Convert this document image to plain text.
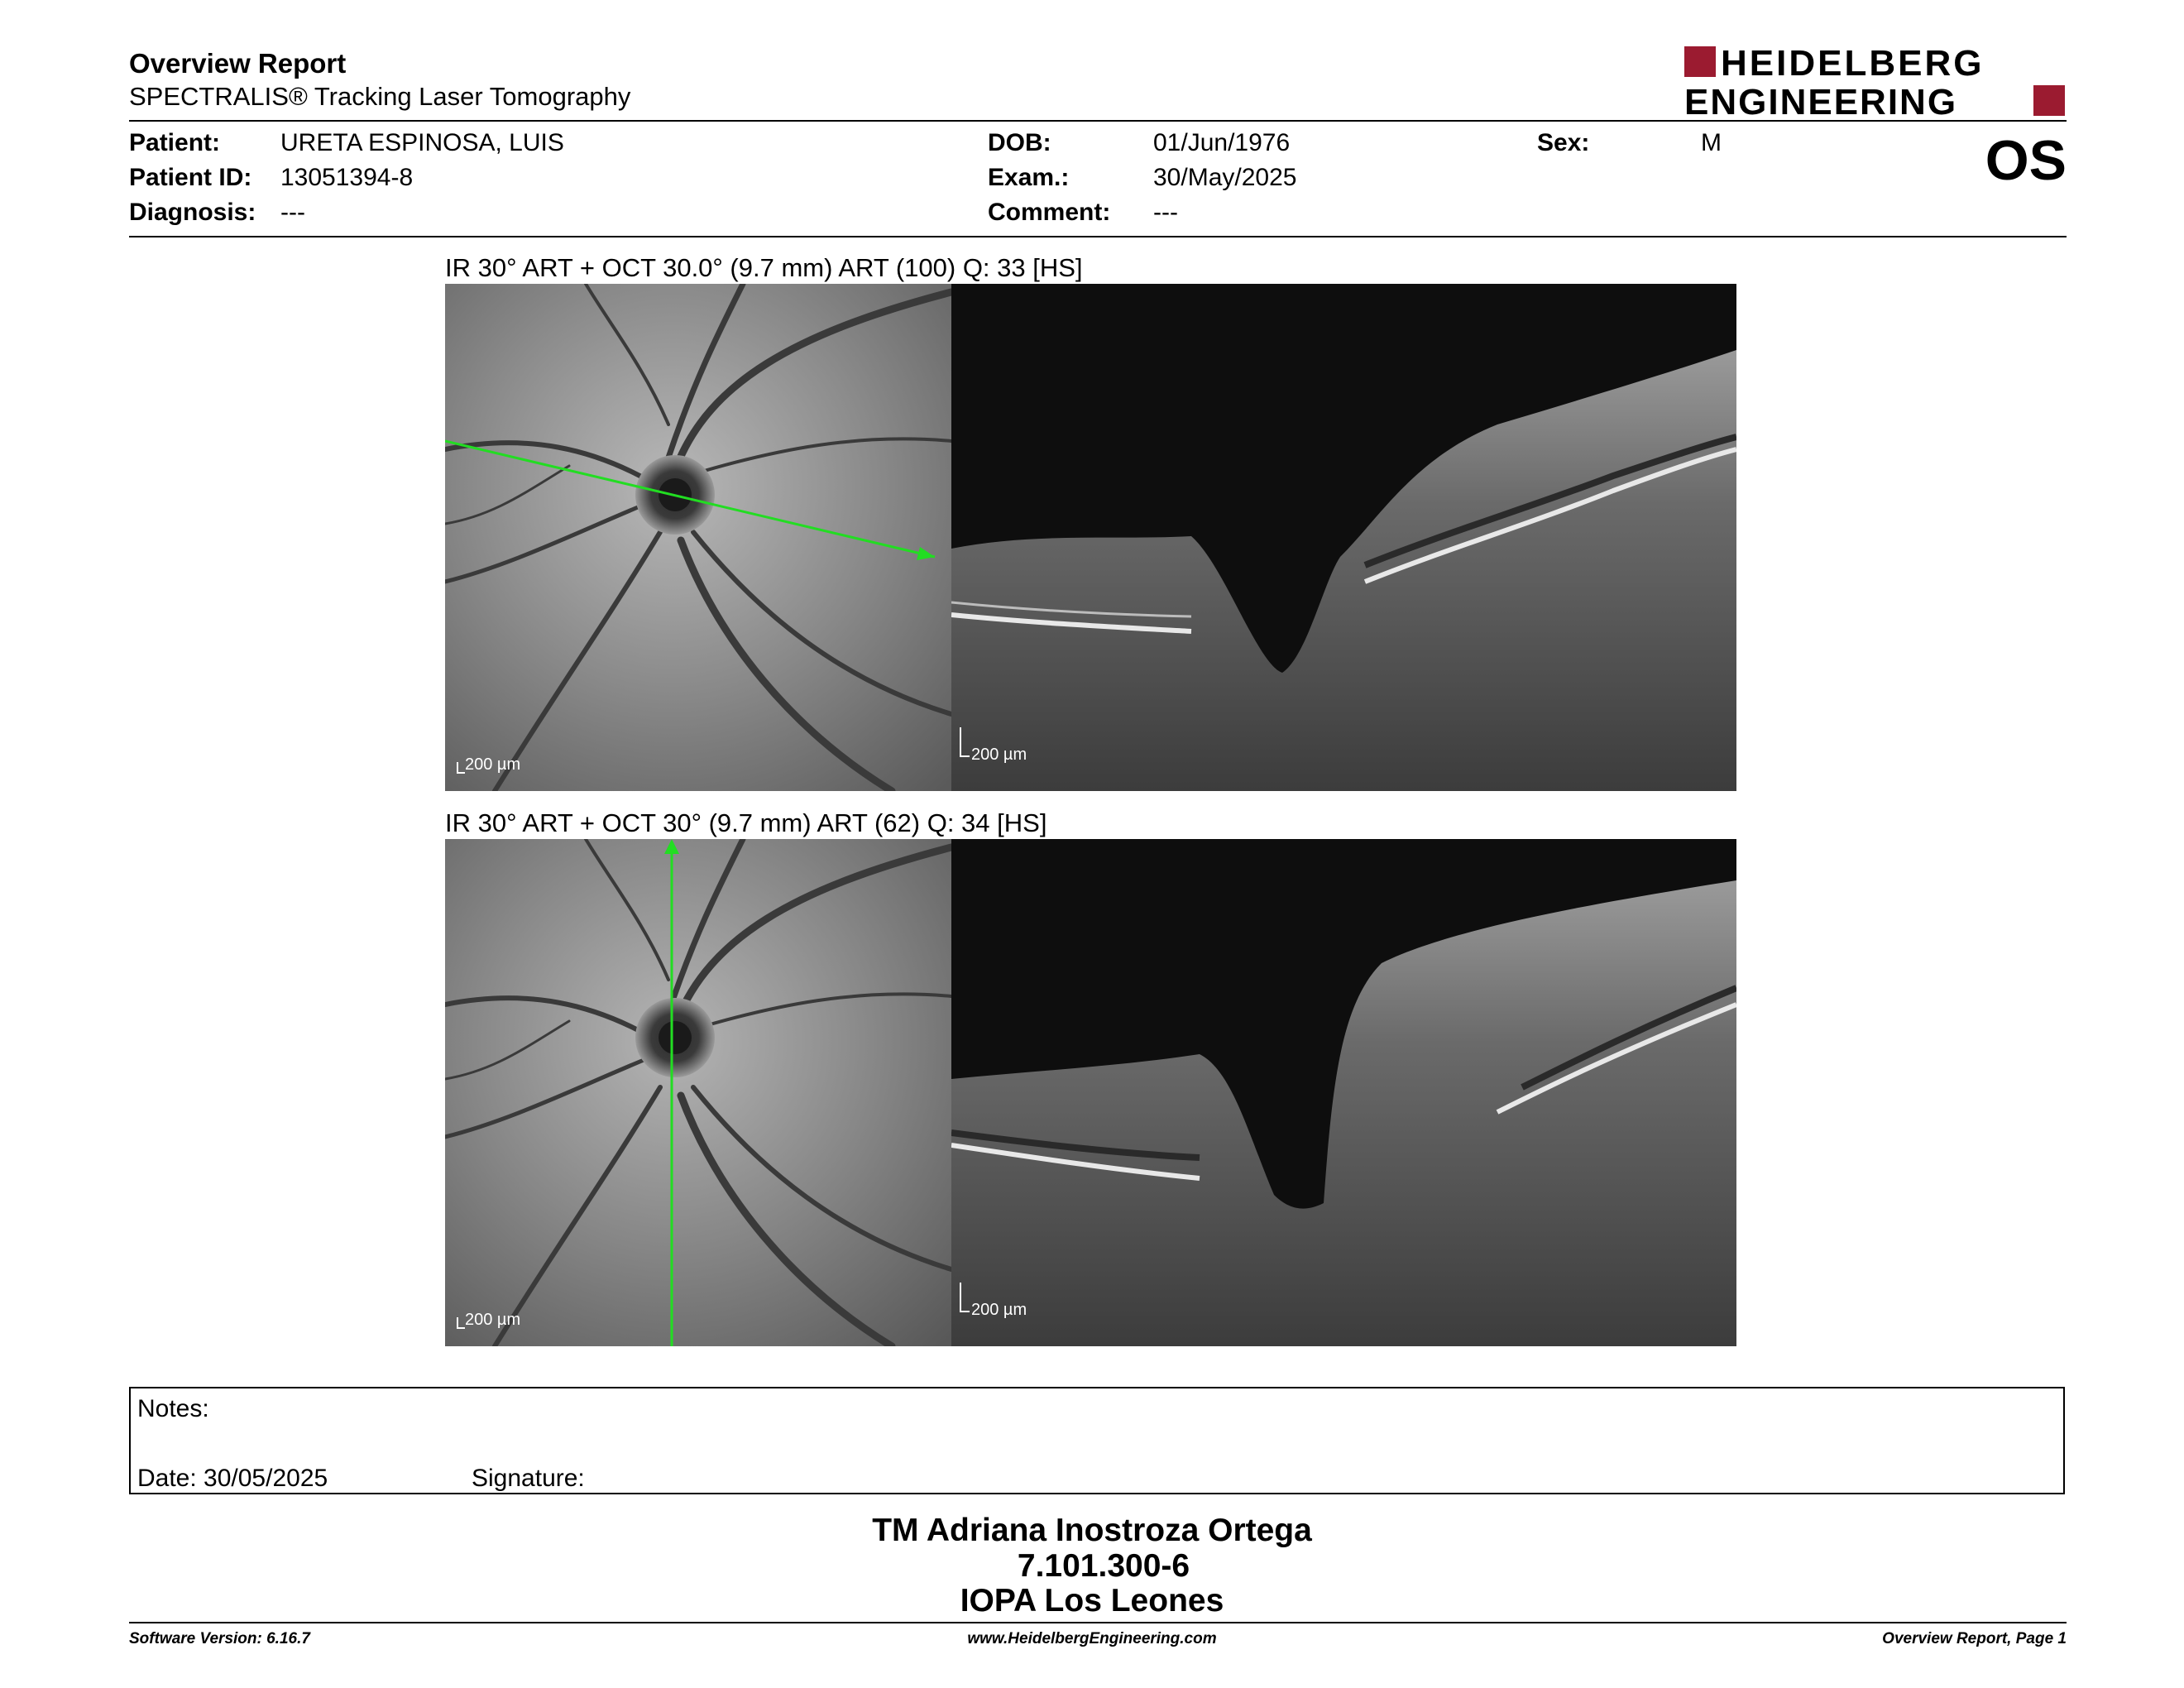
Overview Report
SPECTRALIS® Tracking Laser Tomography
HEIDELBERG
ENGINEERING
Patient: URETA ESPINOSA, LUIS
Patient ID: 13051394-8
Diagnosis: ---
DOB:	01/Jun/1976
Exam.:	30/May/2025
Comment: ---
Sex:	M	OS
IR 30° ART + OCT 30.0° (9.7 mm) ART (100) Q: 33 [HS]
200 µm
200 µm
IR 30° ART + OCT 30° (9.7 mm) ART (62) Q: 34 [HS]
200 µm
200 µm
Notes:
Date: 30/05/2025	Signature:
TM Adriana Inostroza Ortega
7.101.300-6
IOPA Los Leones
Software Version: 6.16.7	www.HeidelbergEngineering.com	Overview Report, Page 1
